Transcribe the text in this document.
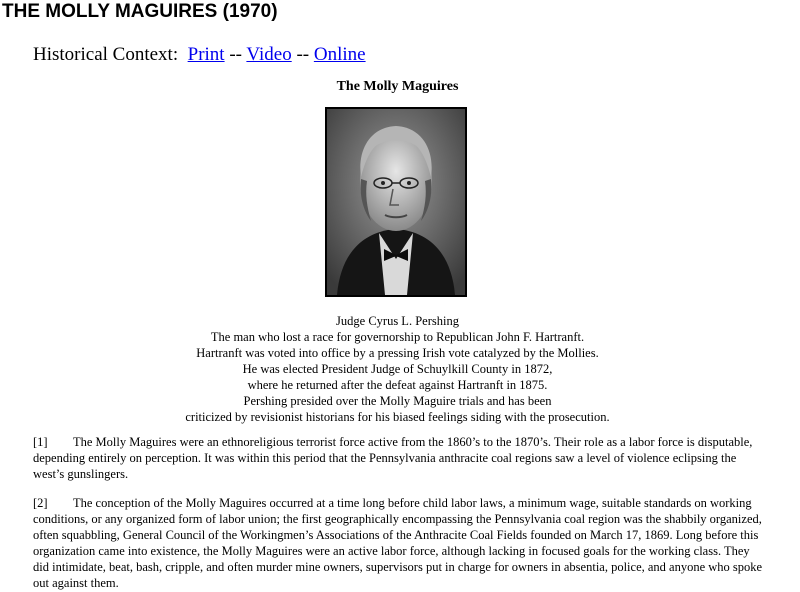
THE MOLLY MAGUIRES (1970)
Historical Context: Print -- Video -- Online
The Molly Maguires
Judge Cyrus L. Pershing
The man who lost a race for governorship to Republican John F. Hartranft.
Hartranft was voted into office by a pressing Irish vote catalyzed by the Mollies.
He was elected President Judge of Schuylkill County in 1872,
where he returned after the defeat against Hartranft in 1875.
Pershing presided over the Molly Maguire trials and has been
criticized by revisionist historians for his biased feelings siding with the prosecution.

[1] The Molly Maguires were an ethnoreligious terrorist force active from the 1860’s to the 1870’s. Their role as a labor force is disputable, depending entirely on perception. It was within this period that the Pennsylvania anthracite coal regions saw a level of violence eclipsing the west’s gunslingers.

[2] The conception of the Molly Maguires occurred at a time long before child labor laws, a minimum wage, suitable standards on working conditions, or any organized form of labor union; the first geographically encompassing the Pennsylvania coal region was the shabbily organized, often squabbling, General Council of the Workingmen’s Associations of the Anthracite Coal Fields founded on March 17, 1869. Long before this organization came into existence, the Molly Maguires were an active labor force, although lacking in focused goals for the working class. They did intimidate, beat, bash, cripple, and often murder mine owners, supervisors put in charge for owners in absentia, police, and anyone who spoke out against them.
